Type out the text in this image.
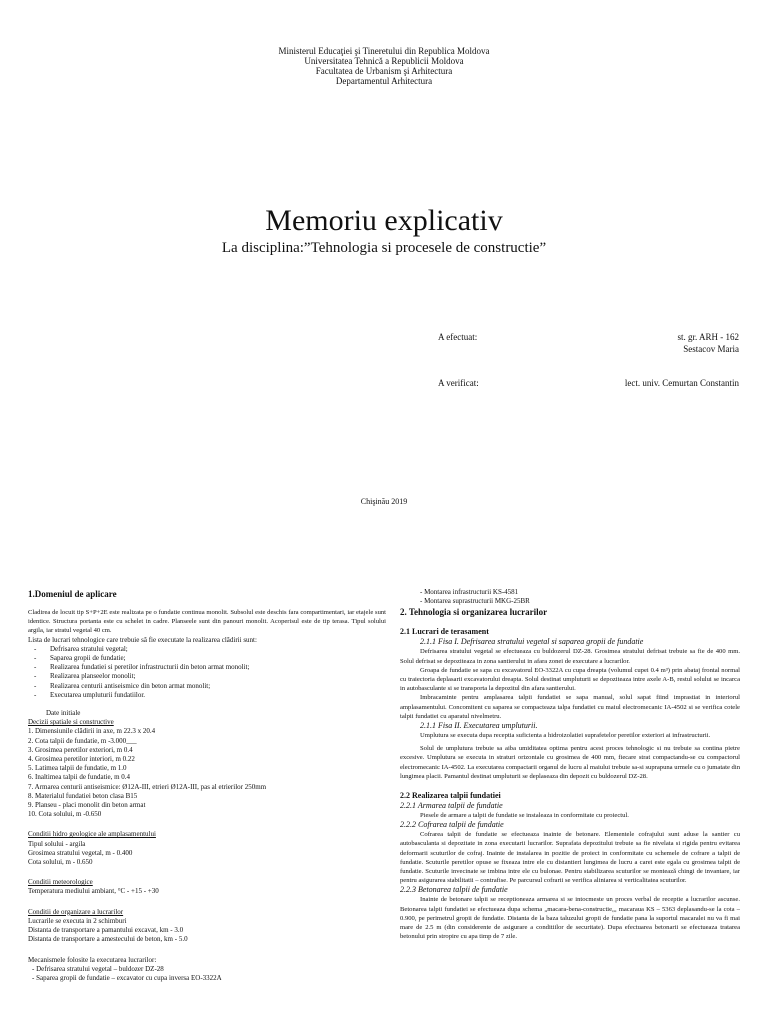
Ministerul Educaţiei şi Tineretului din Republica Moldova
Universitatea Tehnică a Republicii Moldova
Facultatea de Urbanism şi Arhitectura
Departamentul Arhitectura
Memoriu explicativ
La disciplina:”Tehnologia si procesele de constructie”
A efectuat:	st. gr. ARH - 162
Sestacov Maria
A verificat:	lect. univ. Cemurtan Constantin
Chişinău 2019
1.Domeniul de aplicare
Cladirea de locuit tip S+P+2E este realizata pe o fundatie continua monolit. Subsolul este deschis fara compartimentari, iar etajele sunt identice. Structura portanta este cu schelet in cadre. Planseele sunt din panouri monolit. Acoperisul este de tip terasa. Tipul solului argila, iar stratul vegetal 40 cm.
Lista de lucrari tehnologice care trebuie să fie executate la realizarea clădirii sunt:
- Defrisarea stratului vegetal;
- Saparea gropii de fundatie;
- Realizarea fundatiei si peretilor infrastructurii din beton armat monolit;
- Realizarea planseelor monolit;
- Realizarea centurii antiseismice din beton armat monolit;
- Executarea umpluturii fundatiilor.
Date initiale
Decizii spatiale si constructive
1. Dimensiunile clădirii in axe, m 22.3 x 20.4
2. Cota talpii de fundatie, m -3.000___
3. Grosimea peretilor exteriori, m 0.4
4. Grosimea peretilor interiori, m 0.22
5. Latimea talpii de fundatie, m 1.0
6. Inaltimea talpii de fundatie, m 0.4
7. Armarea centurii antiseismice: Ø12A-III, etrieri Ø12A-III, pas al etrierilor 250mm
8. Materialul fundatiei beton clasa B15
9. Planseu - placi monolit din beton armat
10. Cota solului, m -0.650
Conditii hidro geologice ale amplasamentului
Tipul solului - argila
Grosimea stratului vegetal, m - 0.400
Cota solului, m - 0.650
Conditii meteorologice
Temperatura mediului ambiant, °C - +15 - +30
Conditii de organizare a lucrarilor
Lucrarile se executa in 2 schimburi
Distanta de transportare a pamantului excavat, km - 3.0
Distanta de transportare a amestecului de beton, km - 5.0
Mecanismele folosite la executarea lucrarilor:
- Defrisarea stratului vegetal – buldozer DZ-28
- Saparea gropii de fundatie – excavator cu cupa inversa EO-3322A
- Montarea infrastructurii KS-4581
- Montarea suprastructurii MKG-25BR
2. Tehnologia si organizarea lucrarilor
2.1 Lucrari de terasament
2.1.1 Fisa I. Defrisarea stratului vegetal si saparea gropii de fundatie
Defrisarea stratului vegetal se efectueaza cu buldozerul DZ-28. Grosimea stratului defrisat trebuie sa fie de 400 mm. Solul defrisat se depoziteaza in zona santierului in afara zonei de executare a lucrarilor.
Groapa de fundatie se sapa cu excavatorul EO-3322A cu cupa dreapta (volumul cupei 0.4 m³) prin abataj frontal normal cu traiectoria deplasarii excavatorului dreapta. Solul destinat umpluturii se depoziteaza intre axele A-B, restul solului se incarca in autobasculante si se transporta la depozitul din afara santierului.
Imbracaminte pentru amplasarea talpii fundatiei se sapa manual, solul sapat fiind imprastiat in interiorul amplasamentului. Concomitent cu saparea se compacteaza talpa fundatiei cu maiul electromecanic IA-4502 si se verifica cotele talpii fundatiei cu aparatul nivelmetru.
2.1.1 Fisa II. Executarea umpluturii.
Umplutura se executa dupa receptia suficienta a hidroizolatiei suprafetelor peretilor exteriori ai infrastructurii.
Solul de umplutura trebuie sa aiba umiditatea optima pentru acest proces tehnologic si nu trebuie sa contina pietre excesive. Umplutura se executa in straturi orizontale cu grosimea de 400 mm, fiecare strat compactandu-se cu compactorul electromecanic IA-4502. La executarea compactarii organul de lucru al maiului trebuie sa-si suprapuna urmele cu o jumatate din lungimea placii. Pamantul destinat umpluturii se deplaseaza din depozit cu buldozerul DZ-28.
2.2 Realizarea talpii fundatiei
2.2.1 Armarea talpii de fundatie
Piesele de armare a talpii de fundatie se instaleaza in conformitate cu proiectul.
2.2.2 Cofrarea talpii de fundatie
Cofrarea talpii de fundatie se efectueaza inainte de betonare. Elementele cofrajului sunt aduse la santier cu autobasculanta si depozitate in zona executarii lucrarilor. Suprafata depozitului trebuie sa fie nivelata si rigida pentru evitarea deformarii scuturilor de cofraj. Inainte de instalarea in pozitie de proiect in conformitate cu schemele de cofrare a talpii de fundatie. Scuturile peretilor opuse se fixeaza intre ele cu distantieri lungimea de lucru a carei este egala cu grosimea talpii de fundatie. Scuturile invecinate se imbina intre ele cu bulonae. Pentru stabilizarea scuturilor se montează chingi de invantare, iar pentru asigurarea stabilitatii – contrafise. Pe parcursul cofrarii se verifica aliniarea si verticalitatea scuturilor.
2.2.3 Betonarea talpii de fundatie
Inainte de betonare talpii se receptioneaza armarea si se intocmeste un proces verbal de receptie a lucrarilor ascunse. Betonarea talpii fundatiei se efectueaza dupa schema „macara-bena-constructie„, macaraua KS – 5363 deplasandu-se la cota – 0.900, pe perimetrul gropii de fundatie. Distanta de la baza taluzului gropii de fundatie pana la suportul macaralei nu va fi mai mare de 2.5 m (din considerente de asigurare a conditiilor de securitate). Dupa efectuarea betonarii se efectueaza tratarea betonului prin stropire cu apa timp de 7 zile.
